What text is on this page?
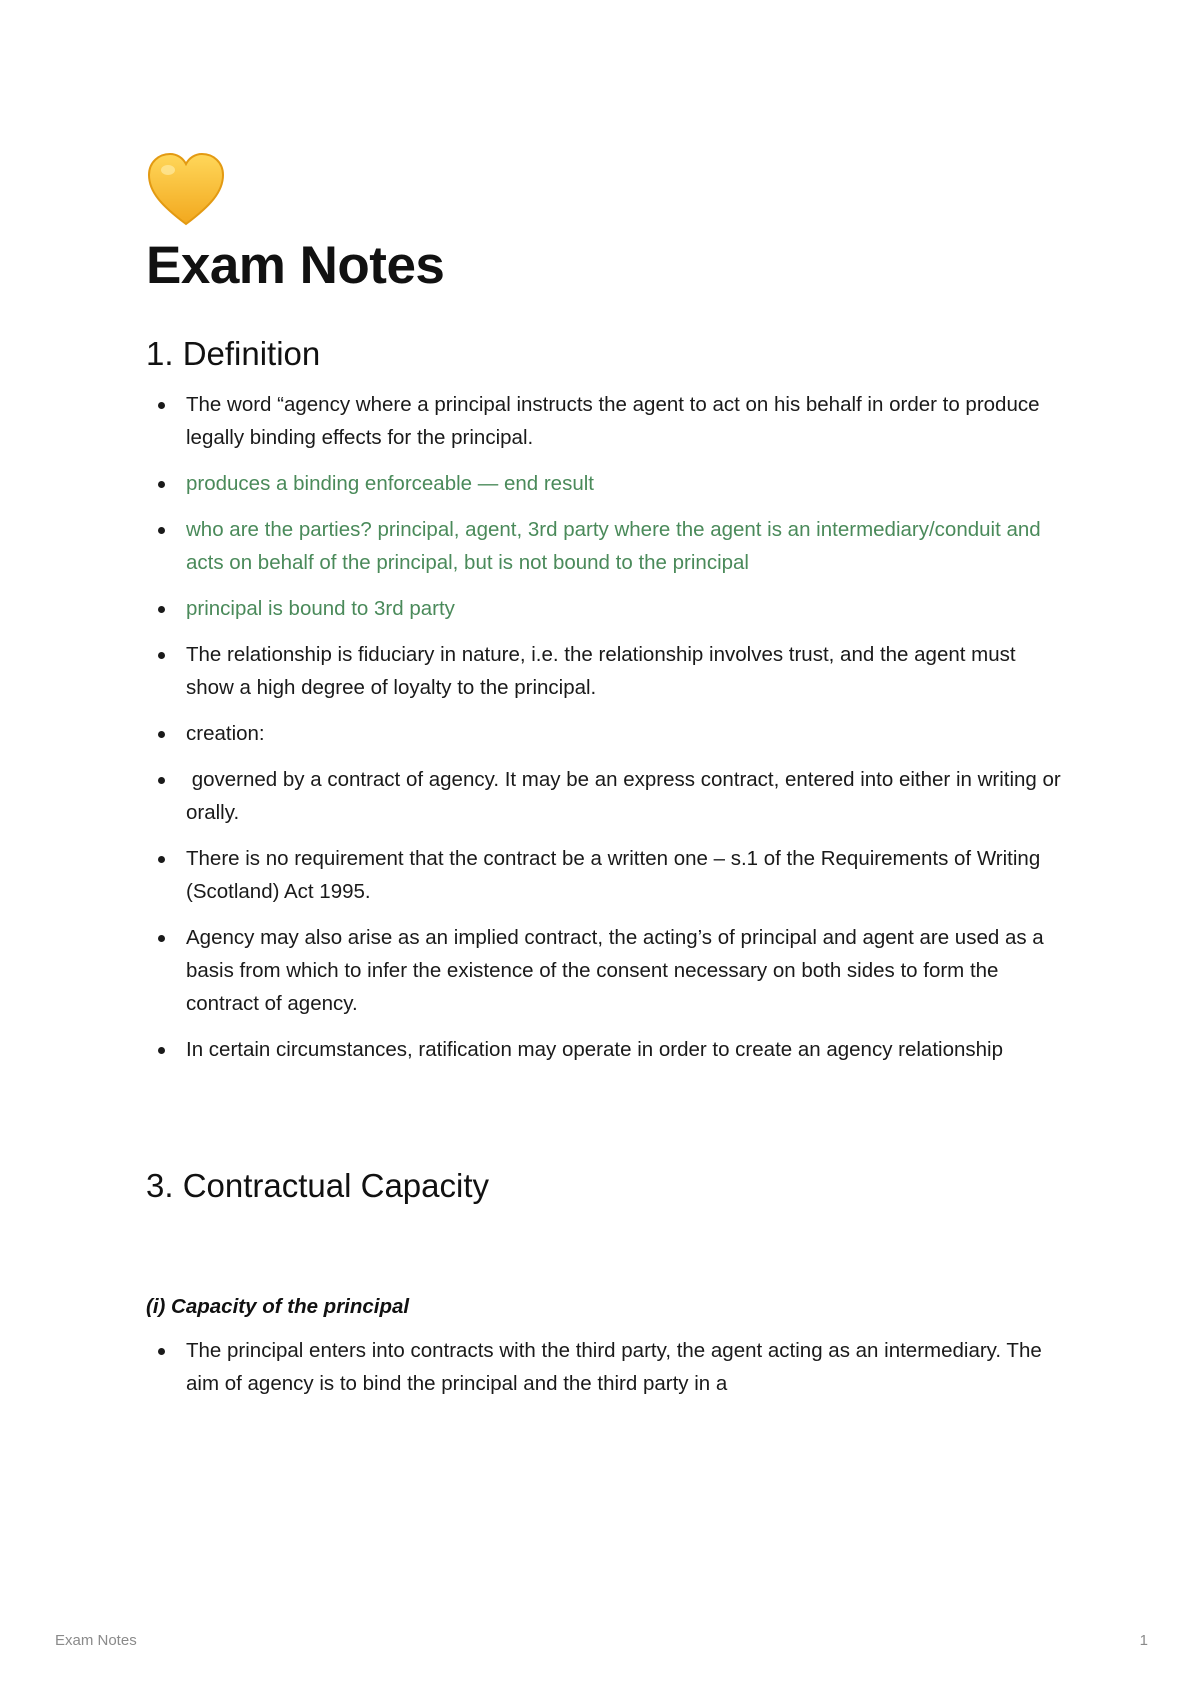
Exam Notes
1. Definition
The word “agency where a principal instructs the agent to act on his behalf in order to produce legally binding effects for the principal.
produces a binding enforceable — end result
who are the parties? principal, agent, 3rd party where the agent is an intermediary/conduit and acts on behalf of the principal, but is not bound to the principal
principal is bound to 3rd party
The relationship is fiduciary in nature, i.e. the relationship involves trust, and the agent must show a high degree of loyalty to the principal.
creation:
governed by a contract of agency. It may be an express contract, entered into either in writing or orally.
There is no requirement that the contract be a written one – s.1 of the Requirements of Writing
(Scotland) Act 1995.
Agency may also arise as an implied contract, the acting’s of principal and agent are used as a basis from which to infer the existence of the consent necessary on both sides to form the contract of agency.
In certain circumstances, ratification may operate in order to create an agency relationship
3. Contractual Capacity
(i) Capacity of the principal
The principal enters into contracts with the third party, the agent acting as an intermediary. The aim of agency is to bind the principal and the third party in a
Exam Notes	1
